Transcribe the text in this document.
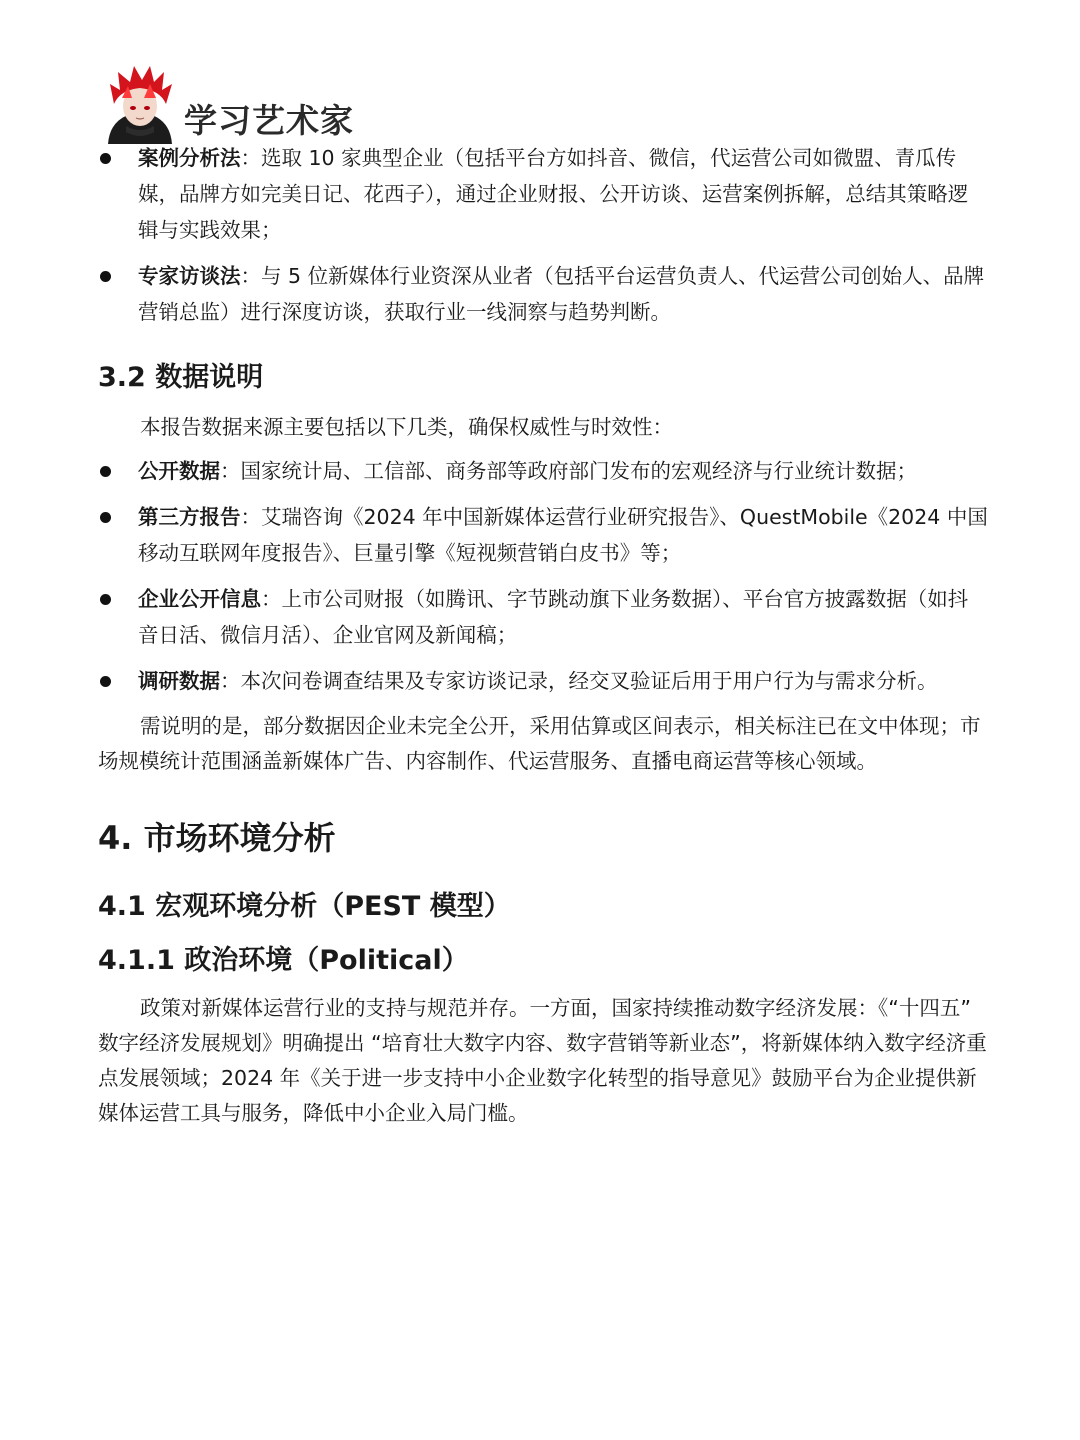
学习艺术家
案例分析法：选取 10 家典型企业（包括平台方如抖音、微信，代运营公司如微盟、青瓜传媒，品牌方如完美日记、花西子），通过企业财报、公开访谈、运营案例拆解，总结其策略逻辑与实践效果；
专家访谈法：与 5 位新媒体行业资深从业者（包括平台运营负责人、代运营公司创始人、品牌营销总监）进行深度访谈，获取行业一线洞察与趋势判断。
3.2 数据说明

本报告数据来源主要包括以下几类，确保权威性与时效性：

公开数据：国家统计局、工信部、商务部等政府部门发布的宏观经济与行业统计数据；
第三方报告：艾瑞咨询《2024 年中国新媒体运营行业研究报告》、QuestMobile《2024 中国移动互联网年度报告》、巨量引擎《短视频营销白皮书》等；
企业公开信息：上市公司财报（如腾讯、字节跳动旗下业务数据）、平台官方披露数据（如抖音日活、微信月活）、企业官网及新闻稿；
调研数据：本次问卷调查结果及专家访谈记录，经交叉验证后用于用户行为与需求分析。

需说明的是，部分数据因企业未完全公开，采用估算或区间表示，相关标注已在文中体现；市场规模统计范围涵盖新媒体广告、内容制作、代运营服务、直播电商运营等核心领域。

4. 市场环境分析
4.1 宏观环境分析（PEST 模型）
4.1.1 政治环境（Political）

政策对新媒体运营行业的支持与规范并存。一方面，国家持续推动数字经济发展：《“十四五” 数字经济发展规划》明确提出 “培育壮大数字内容、数字营销等新业态”，将新媒体纳入数字经济重点发展领域；2024 年《关于进一步支持中小企业数字化转型的指导意见》鼓励平台为企业提供新媒体运营工具与服务，降低中小企业入局门槛。
